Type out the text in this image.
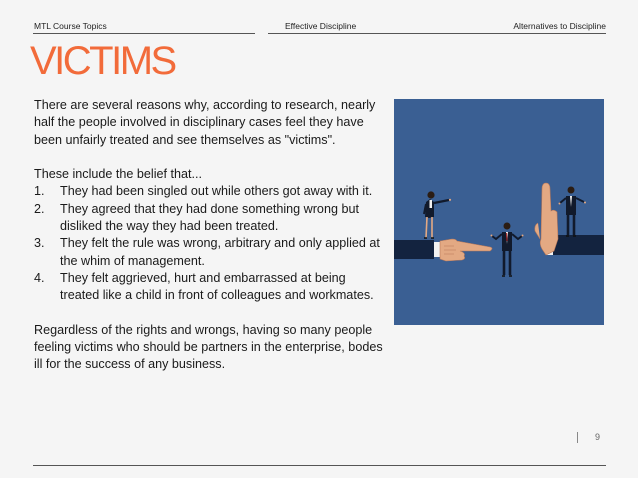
MTL Course Topics	Effective Discipline	Alternatives to Discipline
VICTIMS

There are several reasons why, according to research, nearly half the people involved in disciplinary cases feel they have been unfairly treated and see themselves as "victims".

These include the belief that...

1. They had been singled out while others got away with it.
2. They agreed that they had done something wrong but disliked the way they had been treated.
3. They felt the rule was wrong, arbitrary and only applied at the whim of management.
4. They felt aggrieved, hurt and embarrassed at being treated like a child in front of colleagues and workmates.

Regardless of the rights and wrongs, having so many people feeling victims who should be partners in the enterprise, bodes ill for the success of any business.

9
